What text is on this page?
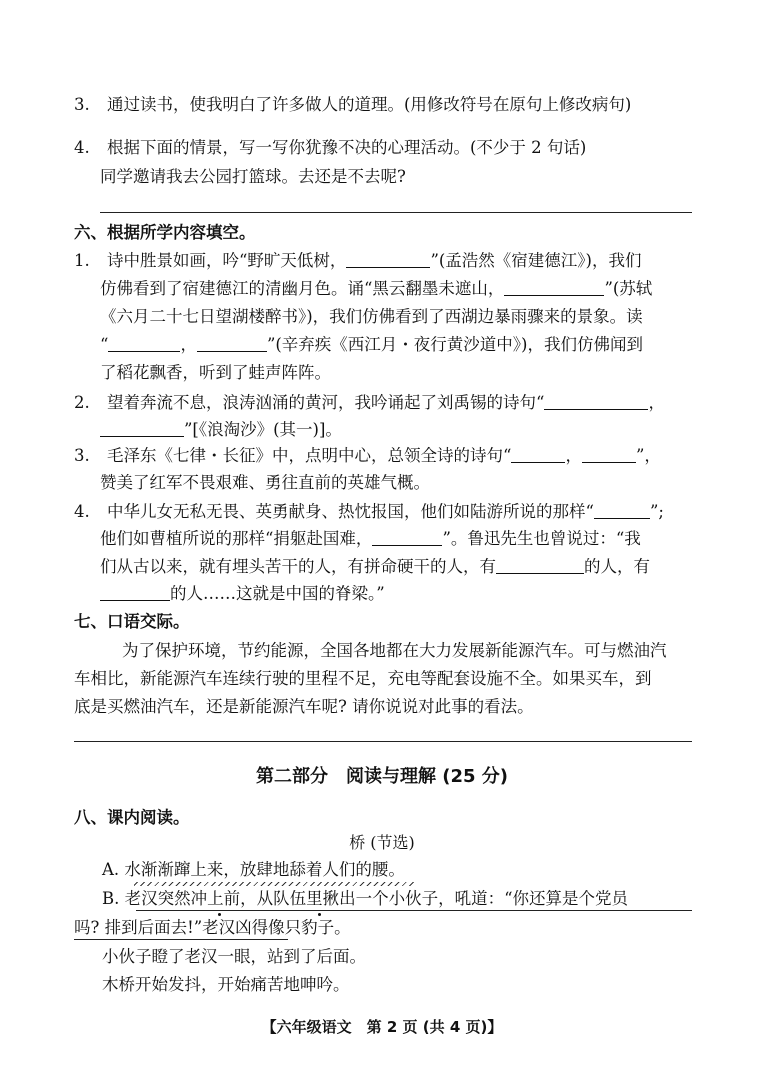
3. 通过读书，使我明白了许多做人的道理。(用修改符号在原句上修改病句)
4. 根据下面的情景，写一写你犹豫不决的心理活动。(不少于 2 句话)
同学邀请我去公园打篮球。去还是不去呢?
六、根据所学内容填空。
1. 诗中胜景如画，吟“野旷天低树，	”(孟浩然《宿建德江》)，我们
仿佛看到了宿建德江的清幽月色。诵“黑云翻墨未遮山，	”(苏轼
《六月二十七日望湖楼醉书》)，我们仿佛看到了西湖边暴雨骤来的景象。读
“	，	”(辛弃疾《西江月・夜行黄沙道中》)，我们仿佛闻到
了稻花飘香，听到了蛙声阵阵。
2. 望着奔流不息，浪涛汹涌的黄河，我吟诵起了刘禹锡的诗句“	，
”[《浪淘沙》(其一)]。
3. 毛泽东《七律・长征》中，点明中心，总领全诗的诗句“	，	”，
赞美了红军不畏艰难、勇往直前的英雄气概。
4. 中华儿女无私无畏、英勇献身、热忱报国，他们如陆游所说的那样“	”;
他们如曹植所说的那样“捐躯赴国难，	”。鲁迅先生也曾说过：“我
们从古以来，就有埋头苦干的人，有拼命硬干的人，有	的人，有
的人……这就是中国的脊梁。”
七、口语交际。
为了保护环境，节约能源，全国各地都在大力发展新能源汽车。可与燃油汽
车相比，新能源汽车连续行驶的里程不足，充电等配套设施不全。如果买车，到
底是买燃油汽车，还是新能源汽车呢? 请你说说对此事的看法。
第二部分　阅读与理解 (25 分)
八、课内阅读。
桥 (节选)
A. 水渐渐蹿上来，放肆地舔着人们的腰。
B. 老汉突然冲上前，从队伍里揪出一个小伙子，吼道：“你还算是个党员
吗? 排到后面去!”老汉凶得像只豹子。
小伙子瞪了老汉一眼，站到了后面。
木桥开始发抖，开始痛苦地呻吟。
【六年级语文　第 2 页 (共 4 页)】
